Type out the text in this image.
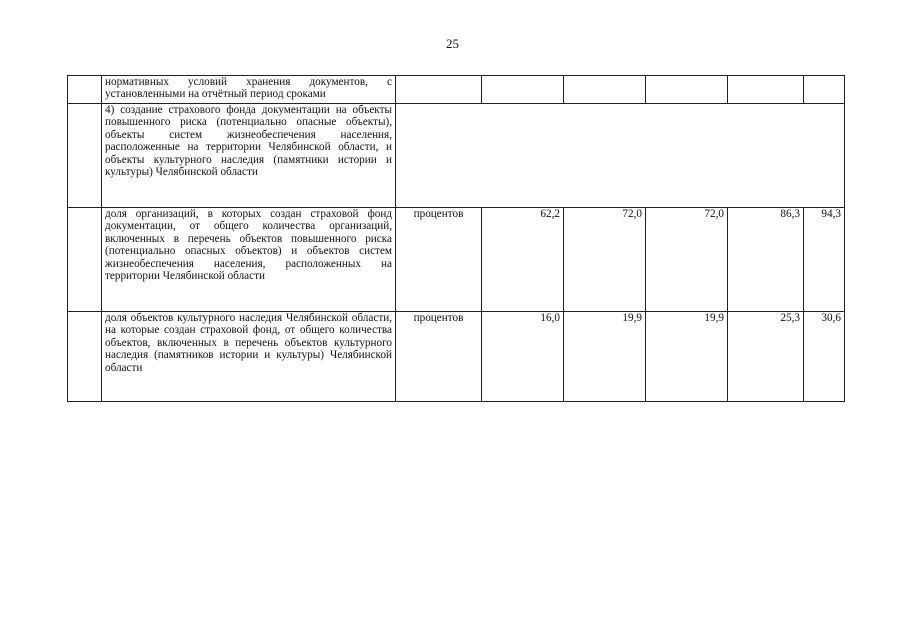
25
	нормативных условий хранения документов, с установленными на отчётный период сроками						
	4) создание страхового фонда документации на объекты повышенного риска (потенциально опасные объекты), объекты систем жизнеобеспечения населения, расположенные на территории Челябинской области, и объекты культурного наследия (памятники истории и культуры) Челябинской области						
	доля организаций, в которых создан страховой фонд документации, от общего количества организаций, включенных в перечень объектов повышенного риска (потенциально опасных объектов) и объектов систем жизнеобеспечения населения, расположенных на территории Челябинской области	процентов	62,2	72,0	72,0	86,3	94,3
	доля объектов культурного наследия Челябинской области, на которые создан страховой фонд, от общего количества объектов, включенных в перечень объектов культурного наследия (памятников истории и культуры) Челябинской области	процентов	16,0	19,9	19,9	25,3	30,6
